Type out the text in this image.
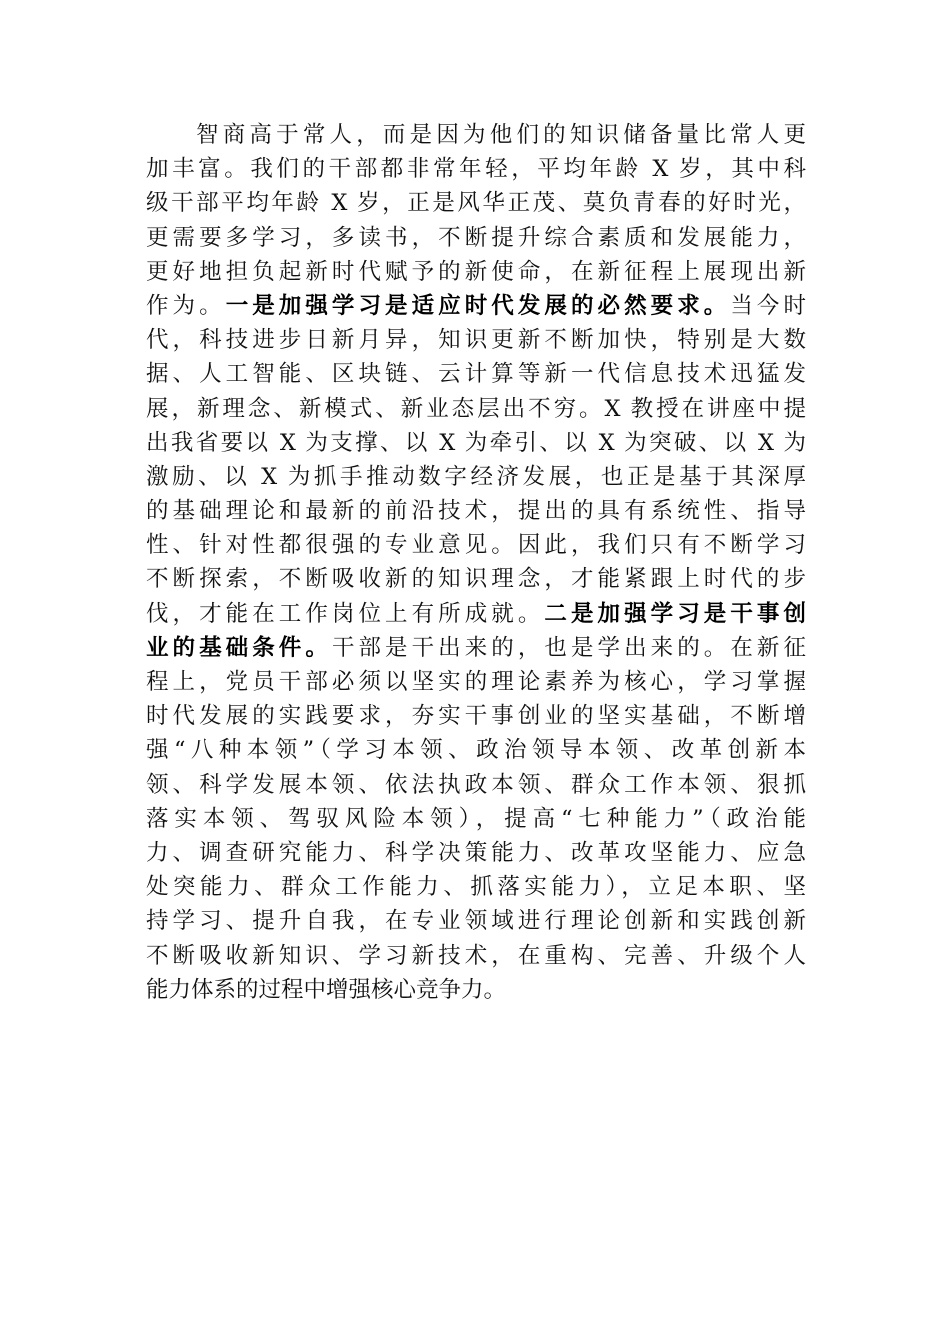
智商高于常人，而是因为他们的知识储备量比常人更
加丰富。我们的干部都非常年轻，平均年龄 X 岁，其中科
级干部平均年龄 X 岁，正是风华正茂、莫负青春的好时光，
更需要多学习，多读书，不断提升综合素质和发展能力，
更好地担负起新时代赋予的新使命，在新征程上展现出新
作为。一是加强学习是适应时代发展的必然要求。当今时
代，科技进步日新月异，知识更新不断加快，特别是大数
据、人工智能、区块链、云计算等新一代信息技术迅猛发
展，新理念、新模式、新业态层出不穷。X 教授在讲座中提
出我省要以 X 为支撑、以 X 为牵引、以 X 为突破、以 X 为
激励、以 X 为抓手推动数字经济发展，也正是基于其深厚
的基础理论和最新的前沿技术，提出的具有系统性、指导
性、针对性都很强的专业意见。因此，我们只有不断学习
不断探索，不断吸收新的知识理念，才能紧跟上时代的步
伐，才能在工作岗位上有所成就。二是加强学习是干事创
业的基础条件。干部是干出来的，也是学出来的。在新征
程上，党员干部必须以坚实的理论素养为核心，学习掌握
时代发展的实践要求，夯实干事创业的坚实基础，不断增
强“八种本领”（学习本领、政治领导本领、改革创新本
领、科学发展本领、依法执政本领、群众工作本领、狠抓
落实本领、驾驭风险本领），提高“七种能力”（政治能
力、调查研究能力、科学决策能力、改革攻坚能力、应急
处突能力、群众工作能力、抓落实能力），立足本职、坚
持学习、提升自我，在专业领域进行理论创新和实践创新
不断吸收新知识、学习新技术，在重构、完善、升级个人
能力体系的过程中增强核心竞争力。
